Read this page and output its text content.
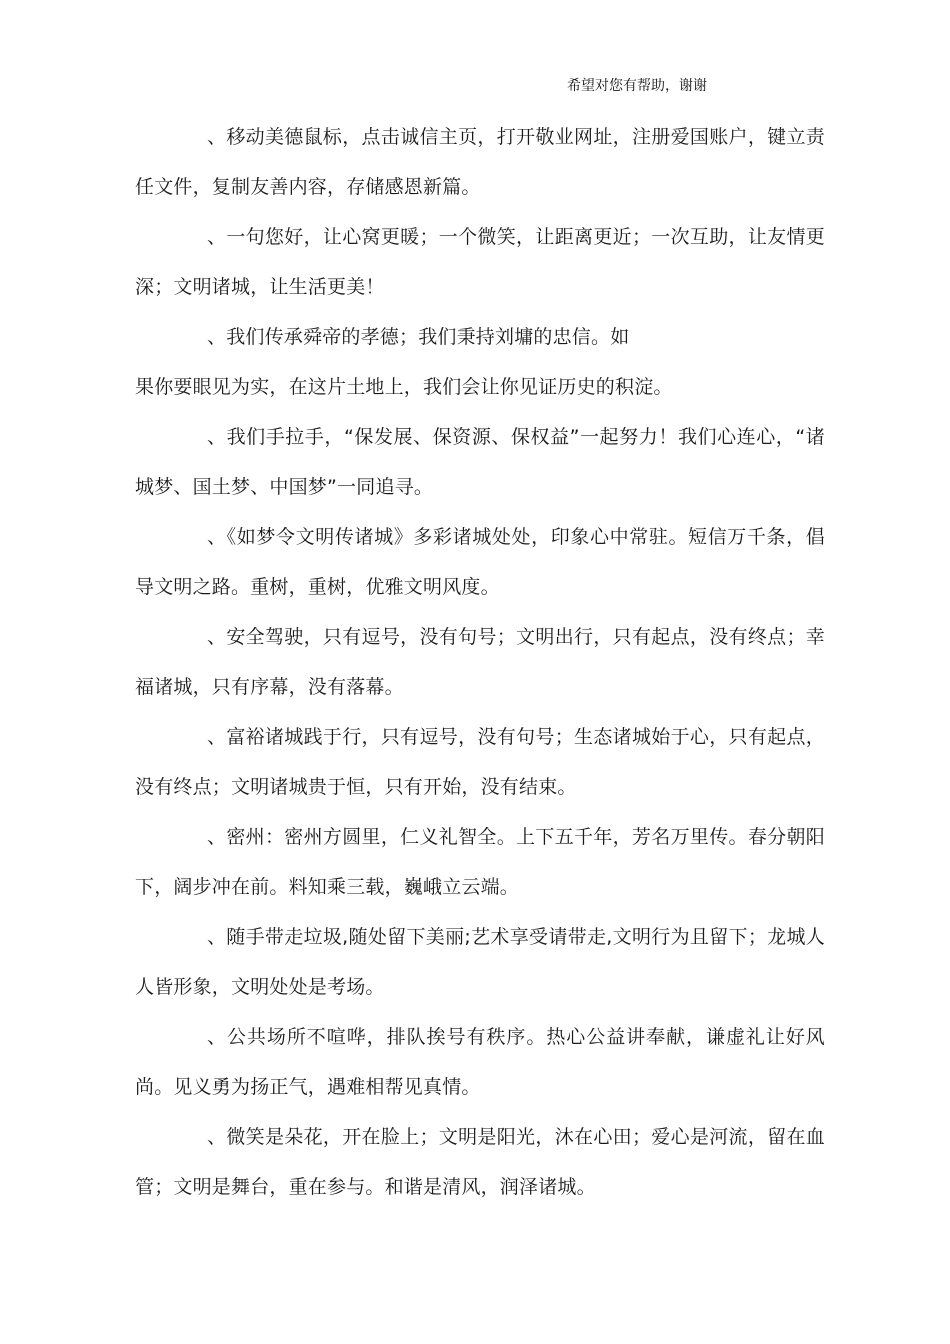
希望对您有帮助，谢谢

、移动美德鼠标，点击诚信主页，打开敬业网址，注册爱国账户，键立责任文件，复制友善内容，存储感恩新篇。

、一句您好，让心窝更暖；一个微笑，让距离更近；一次互助，让友情更深；文明诸城，让生活更美！

、我们传承舜帝的孝德；我们秉持刘墉的忠信。如

果你要眼见为实，在这片土地上，我们会让你见证历史的积淀。

、我们手拉手，“保发展、保资源、保权益”一起努力！我们心连心，“诸城梦、国土梦、中国梦”一同追寻。

、《如梦令文明传诸城》多彩诸城处处，印象心中常驻。短信万千条，倡导文明之路。重树，重树，优雅文明风度。

、安全驾驶，只有逗号，没有句号；文明出行，只有起点，没有终点；幸福诸城，只有序幕，没有落幕。

、富裕诸城践于行，只有逗号，没有句号；生态诸城始于心，只有起点，没有终点；文明诸城贵于恒，只有开始，没有结束。

、密州：密州方圆里，仁义礼智全。上下五千年，芳名万里传。春分朝阳下，阔步冲在前。料知乘三载，巍峨立云端。

、随手带走垃圾,随处留下美丽;艺术享受请带走,文明行为且留下；龙城人人皆形象，文明处处是考场。

、公共场所不喧哗，排队挨号有秩序。热心公益讲奉献，谦虚礼让好风尚。见义勇为扬正气，遇难相帮见真情。

、微笑是朵花，开在脸上；文明是阳光，沐在心田；爱心是河流，留在血管；文明是舞台，重在参与。和谐是清风，润泽诸城。
